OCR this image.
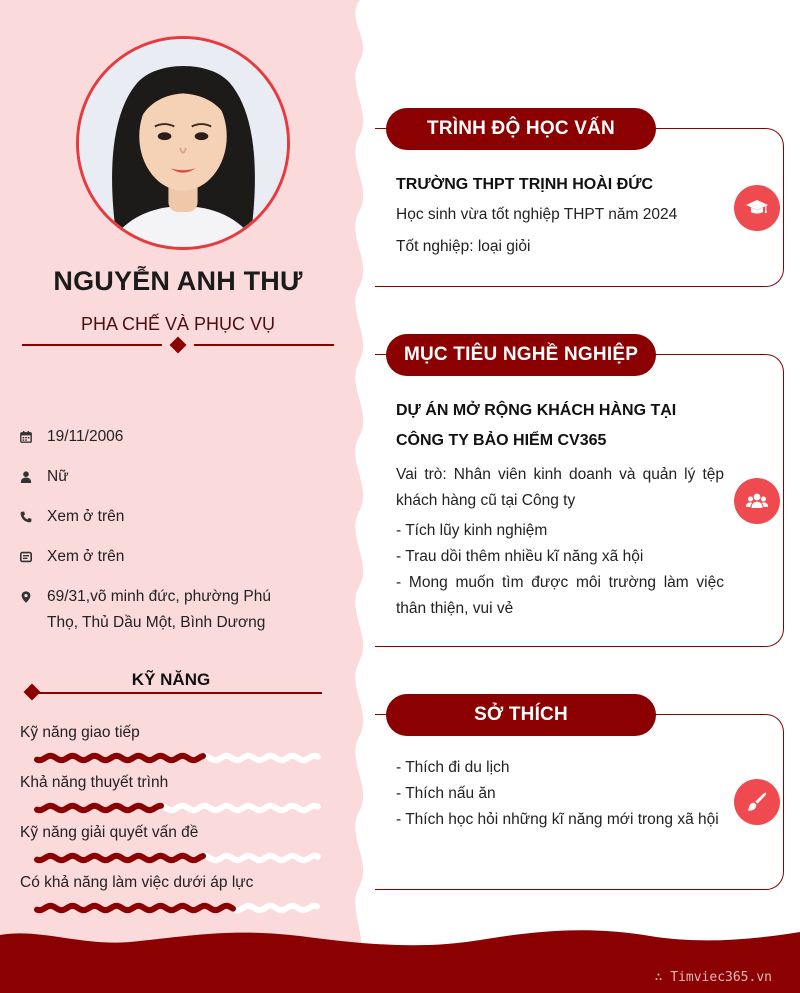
NGUYỄN ANH THƯ
PHA CHẾ VÀ PHỤC VỤ
19/11/2006
Nữ
Xem ở trên
Xem ở trên
69/31,võ minh đức, phường Phú Thọ, Thủ Dầu Một, Bình Dương
KỸ NĂNG
Kỹ năng giao tiếp
Khả năng thuyết trình
Kỹ năng giải quyết vấn đề
Có khả năng làm việc dưới áp lực
TRÌNH ĐỘ HỌC VẤN
TRƯỜNG THPT TRỊNH HOÀI ĐỨC
Học sinh vừa tốt nghiệp THPT năm 2024
Tốt nghiệp: loại giỏi
MỤC TIÊU NGHỀ NGHIỆP
DỰ ÁN MỞ RỘNG KHÁCH HÀNG TẠI CÔNG TY BẢO HIỂM CV365
Vai trò: Nhân viên kinh doanh và quản lý tệp khách hàng cũ tại Công ty
- Tích lũy kinh nghiệm
- Trau dồi thêm nhiều kĩ năng xã hội
- Mong muốn tìm được môi trường làm việc thân thiện, vui vẻ
SỞ THÍCH
- Thích đi du lịch
- Thích nấu ăn
- Thích học hỏi những kĩ năng mới trong xã hội
∴ Timviec365.vn
